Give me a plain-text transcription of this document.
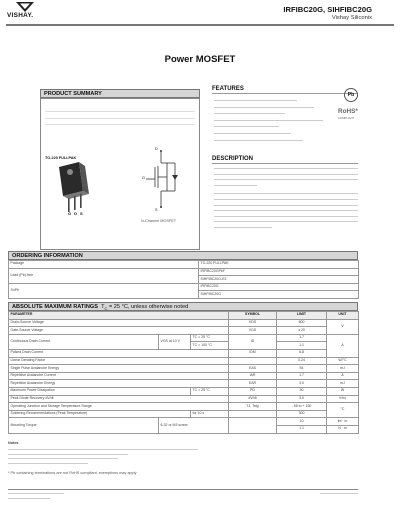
VISHAY.
IRFIBC20G, SIHFIBC20G
Vishay Siliconix
Power MOSFET
PRODUCT SUMMARY
TO-220 FULLPAK
GDS
D
G
S
N-Channel MOSFET
FEATURES
Pb
RoHS*
COMPLIANT
DESCRIPTION
ORDERING INFORMATION
Package	TO-220 FULLPAK
Lead (Pb)-free	IRFIBC20GPbF
	SIHFIBC20G-E3
SnPb	IRFIBC20G
	SIHFIBC20G
ABSOLUTE MAXIMUM RATINGS  $T_C = 25$ °C, unless otherwise noted
PARAMETER			SYMBOL	LIMIT	UNIT
Drain-Source Voltage			VDS	600	V
Gate-Source Voltage			VGS	± 20	
Continuous Drain Current	VGS at 10 V	TC = 25 °C	ID	1.7	A
		TC = 100 °C		1.1	
Pulsed Drain Current			IDM	6.8	
Linear Derating Factor				0.24	W/°C
Single Pulse Avalanche Energy			EAS	54	mJ
Repetitive Avalanche Current			IAR	1.7	A
Repetitive Avalanche Energy			EAR	3.0	mJ
Maximum Power Dissipation		TC = 25 °C	PD	30	W
Peak Diode Recovery dV/dt			dV/dt	3.0	V/ns
Operating Junction and Storage Temperature Range			TJ, Tstg	- 55 to + 150	°C
Soldering Recommendations (Peak Temperature)		for 10 s		300	
Mounting Torque	6-32 or M3 screw			10	lbf · in
				1.1	N · m
Notes
* Pb containing terminations are not RoHS compliant, exemptions may apply
